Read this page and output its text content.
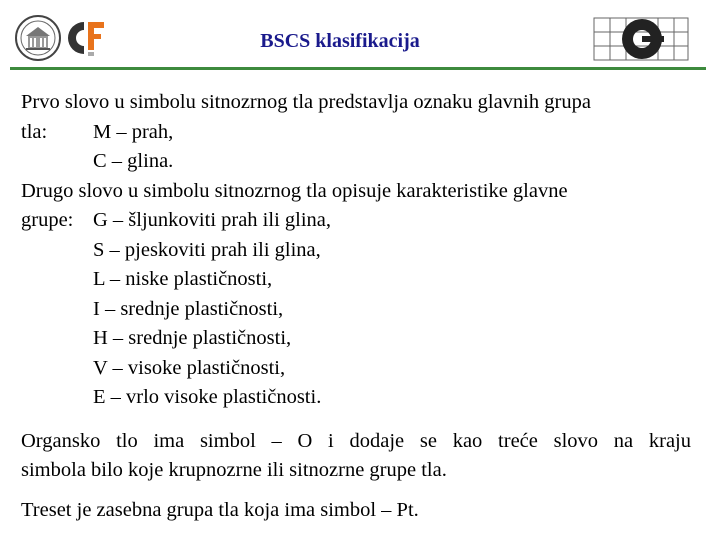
BSCS klasifikacija
Prvo slovo u simbolu sitnozrnog tla predstavlja oznaku glavnih grupa
tla: M – prah,
C – glina.
Drugo slovo u simbolu sitnozrnog tla opisuje karakteristike glavne
grupe: G – šljunkoviti prah ili glina,
S – pjeskoviti prah ili glina,
L – niske plastičnosti,
I – srednje plastičnosti,
H – srednje plastičnosti,
V – visoke plastičnosti,
E – vrlo visoke plastičnosti.
Organsko tlo ima simbol – O i dodaje se kao treće slovo na kraju
simbola bilo koje krupnozrne ili sitnozrne grupe tla.
Treset je zasebna grupa tla koja ima simbol – Pt.
